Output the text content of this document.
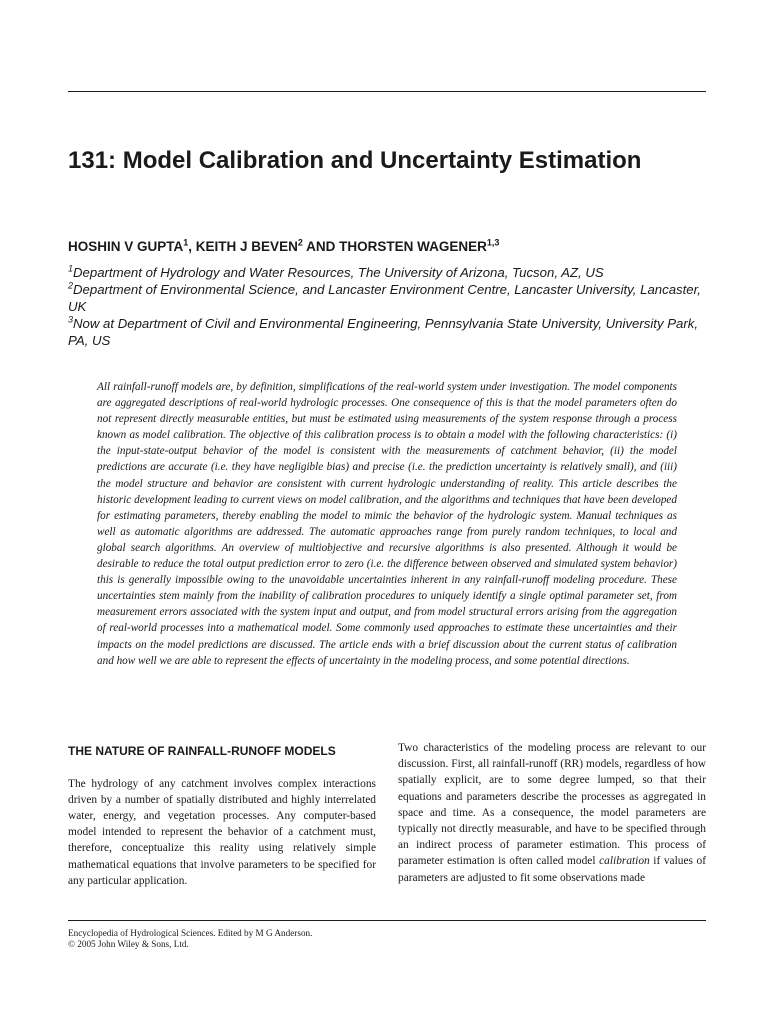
131: Model Calibration and Uncertainty Estimation

HOSHIN V GUPTA$^1$, KEITH J BEVEN$^2$ AND THORSTEN WAGENER$^{1,3}$

$^1$Department of Hydrology and Water Resources, The University of Arizona, Tucson, AZ, US

$^2$Department of Environmental Science, and Lancaster Environment Centre, Lancaster University, Lancaster, UK

$^3$Now at Department of Civil and Environmental Engineering, Pennsylvania State University, University Park, PA, US

All rainfall-runoff models are, by definition, simplifications of the real-world system under investigation. The model components are aggregated descriptions of real-world hydrologic processes. One consequence of this is that the model parameters often do not represent directly measurable entities, but must be estimated using measurements of the system response through a process known as model calibration. The objective of this calibration process is to obtain a model with the following characteristics: (i) the input-state-output behavior of the model is consistent with the measurements of catchment behavior, (ii) the model predictions are accurate (i.e. they have negligible bias) and precise (i.e. the prediction uncertainty is relatively small), and (iii) the model structure and behavior are consistent with current hydrologic understanding of reality. This article describes the historic development leading to current views on model calibration, and the algorithms and techniques that have been developed for estimating parameters, thereby enabling the model to mimic the behavior of the hydrologic system. Manual techniques as well as automatic algorithms are addressed. The automatic approaches range from purely random techniques, to local and global search algorithms. An overview of multiobjective and recursive algorithms is also presented. Although it would be desirable to reduce the total output prediction error to zero (i.e. the difference between observed and simulated system behavior) this is generally impossible owing to the unavoidable uncertainties inherent in any rainfall-runoff modeling procedure. These uncertainties stem mainly from the inability of calibration procedures to uniquely identify a single optimal parameter set, from measurement errors associated with the system input and output, and from model structural errors arising from the aggregation of real-world processes into a mathematical model. Some commonly used approaches to estimate these uncertainties and their impacts on the model predictions are discussed. The article ends with a brief discussion about the current status of calibration and how well we are able to represent the effects of uncertainty in the modeling process, and some potential directions.

THE NATURE OF RAINFALL-RUNOFF MODELS

The hydrology of any catchment involves complex interactions driven by a number of spatially distributed and highly interrelated water, energy, and vegetation processes. Any computer-based model intended to represent the behavior of a catchment must, therefore, conceptualize this reality using relatively simple mathematical equations that involve parameters to be specified for any particular application.

Two characteristics of the modeling process are relevant to our discussion. First, all rainfall-runoff (RR) models, regardless of how spatially explicit, are to some degree lumped, so that their equations and parameters describe the processes as aggregated in space and time. As a consequence, the model parameters are typically not directly measurable, and have to be specified through an indirect process of parameter estimation. This process of parameter estimation is often called model calibration if values of parameters are adjusted to fit some observations made

Encyclopedia of Hydrological Sciences. Edited by M G Anderson.
© 2005 John Wiley & Sons, Ltd.
